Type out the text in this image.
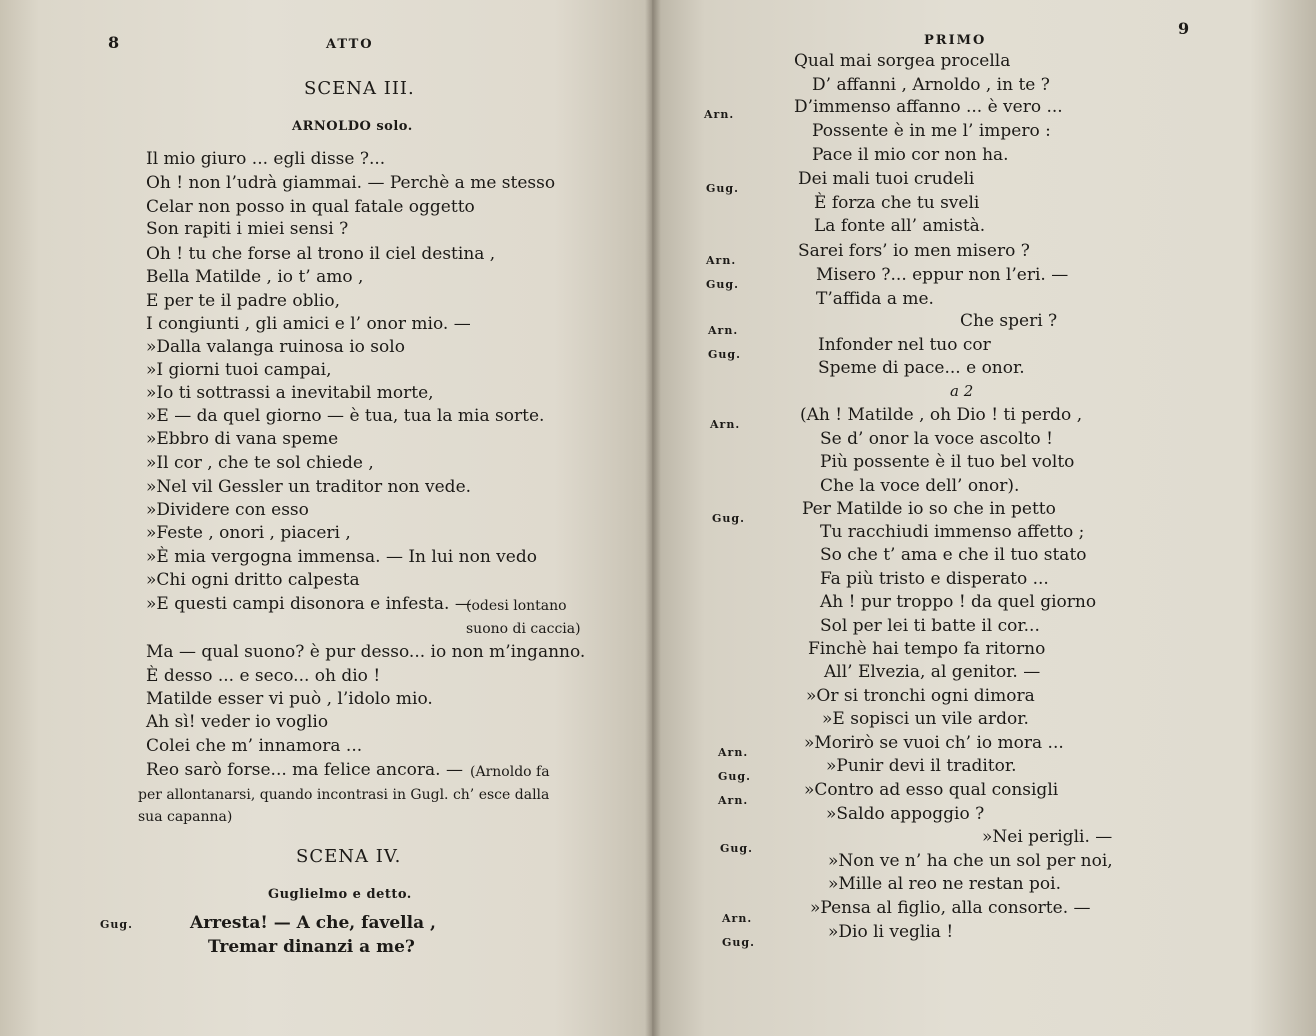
8	ATTO
SCENA III.
ARNOLDO solo.
Il mio giuro ... egli disse ?...
Oh ! non l’udrà giammai. — Perchè a me stesso
Celar non posso in qual fatale oggetto
Son rapiti i miei sensi ?
Oh ! tu che forse al trono il ciel destina ,
Bella Matilde , io t’ amo ,
E per te il padre oblio,
I congiunti , gli amici e l’ onor mio. —
»Dalla valanga ruinosa io solo
»I giorni tuoi campai,
»Io ti sottrassi a inevitabil morte,
»E — da quel giorno — è tua, tua la mia sorte.
»Ebbro di vana speme
»Il cor , che te sol chiede ,
»Nel vil Gessler un traditor non vede.
»Dividere con esso
»Feste , onori , piaceri ,
»È mia vergogna immensa. — In lui non vedo
»Chi ogni dritto calpesta
»E questi campi disonora e infesta. —
(odesi lontano
suono di caccia)
Ma — qual suono? è pur desso... io non m’inganno.
È desso ... e seco... oh dio !
Matilde esser vi può , l’idolo mio.
Ah sì! veder io voglio
Colei che m’ innamora ...
Reo sarò forse... ma felice ancora. — (Arnoldo fa
per allontanarsi, quando incontrasi in Gugl. ch’ esce dalla
sua capanna)
SCENA IV.
Guglielmo e detto.
Gug.	Arresta! — A che, favella ,
Tremar dinanzi a me?
PRIMO
9
Qual mai sorgea procella
D’ affanni , Arnoldo , in te ?
Arn.	D’immenso affanno ... è vero ...
Possente è in me l’ impero :
Pace il mio cor non ha.
Gug.	Dei mali tuoi crudeli
È forza che tu sveli
La fonte all’ amistà.
Arn.	Sarei fors’ io men misero ?
Gug.	Misero ?... eppur non l’eri. —
T’affida a me.
Arn.	Che speri ?
Gug.	Infonder nel tuo cor
Speme di pace... e onor.
a 2
Arn.	(Ah ! Matilde , oh Dio ! ti perdo ,
Se d’ onor la voce ascolto !
Più possente è il tuo bel volto
Che la voce dell’ onor).
Gug.	Per Matilde io so che in petto
Tu racchiudi immenso affetto ;
So che t’ ama e che il tuo stato
Fa più tristo e disperato ...
Ah ! pur troppo ! da quel giorno
Sol per lei ti batte il cor...
Finchè hai tempo fa ritorno
All’ Elvezia, al genitor. —
»Or si tronchi ogni dimora
»E sopisci un vile ardor.
Arn.	»Morirò se vuoi ch’ io mora ...
Gug.
»Punir devi il traditor.
Arn.
»Contro ad esso qual consigli
»Saldo appoggio ?
Gug.
»Nei perigli. —
»Non ve n’ ha che un sol per noi,
»Mille al reo ne restan poi.
Arn.
»Pensa al figlio, alla consorte. —
Gug.
»Dio li veglia !
